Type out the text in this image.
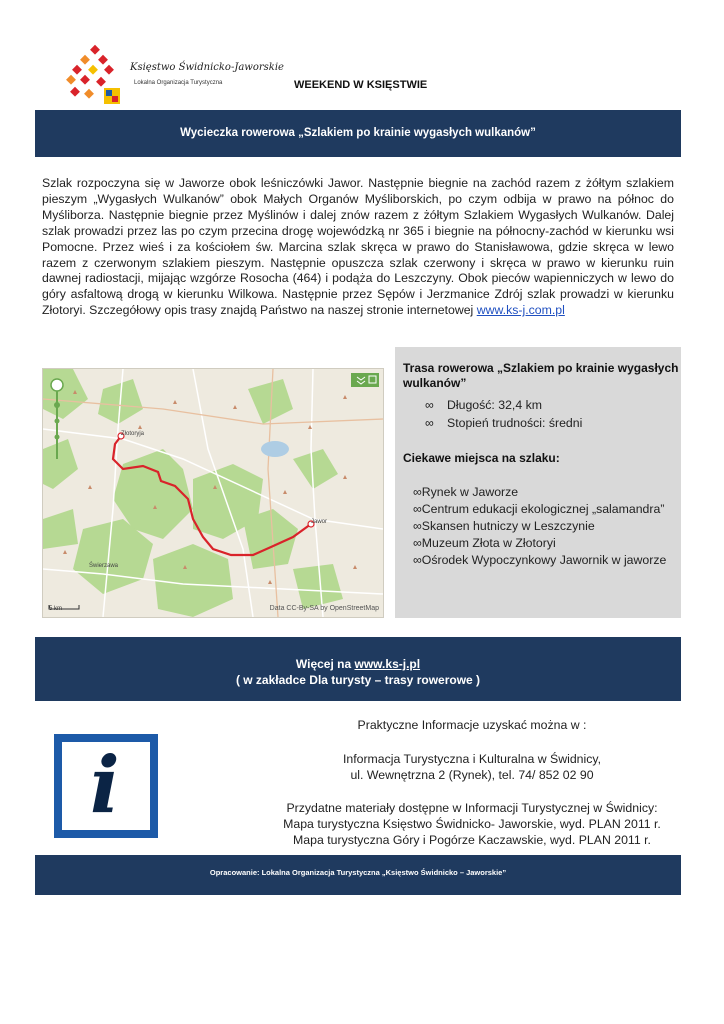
Księstwo Świdnicko-Jaworskie
Lokalna Organizacja Turystyczna	WEEKEND W KSIĘSTWIE
Wycieczka rowerowa „Szlakiem po krainie wygasłych wulkanów”
Szlak rozpoczyna się w Jaworze obok leśniczówki Jawor. Następnie biegnie na zachód razem z żółtym szlakiem pieszym „Wygasłych Wulkanów” obok Małych Organów Myśliborskich, po czym odbija w prawo na północ do Myśliborza. Następnie biegnie przez Myślinów i dalej znów razem z żółtym Szlakiem Wygasłych Wulkanów. Dalej szlak prowadzi przez las po czym przecina drogę wojewódzką nr 365 i biegnie na północny-zachód w kierunku wsi Pomocne. Przez wieś i za kościołem św. Marcina szlak skręca w prawo do Stanisławowa, gdzie skręca w lewo razem z czerwonym szlakiem pieszym. Następnie opuszcza szlak czerwony i skręca w prawo w kierunku ruin dawnej radiostacji, mijając wzgórze Rosocha (464) i podąża do Leszczyny. Obok pieców wapienniczych w lewo do góry asfaltową drogą w kierunku Wilkowa. Następnie przez Sępów i Jerzmanice Zdrój szlak prowadzi w kierunku Złotoryi. Szczegółowy opis trasy znajdą Państwo na naszej stronie internetowej www.ks-j.com.pl
Złotoryja
Jawor
Świerzawa
5 km	Data CC-By-SA by OpenStreetMap
Trasa rowerowa „Szlakiem po krainie wygasłych wulkanów”
∞ Długość: 32,4 km
∞ Stopień trudności: średni
Ciekawe miejsca na szlaku:
∞Rynek w Jaworze
∞Centrum edukacji ekologicznej „salamandra”
∞Skansen hutniczy w Leszczynie
∞Muzeum Złota w Złotoryi
∞Ośrodek Wypoczynkowy Jawornik w jaworze
Więcej na www.ks-j.pl
( w zakładce Dla turysty – trasy rowerowe )
i
Praktyczne Informacje uzyskać można w :
Informacja Turystyczna i Kulturalna w Świdnicy,
ul. Wewnętrzna 2 (Rynek), tel. 74/ 852 02 90
Przydatne materiały dostępne w Informacji Turystycznej w Świdnicy:
Mapa turystyczna Księstwo Świdnicko- Jaworskie, wyd. PLAN 2011 r.
Mapa turystyczna Góry i Pogórze Kaczawskie, wyd. PLAN 2011 r.
Opracowanie: Lokalna Organizacja Turystyczna „Księstwo Świdnicko – Jaworskie”
